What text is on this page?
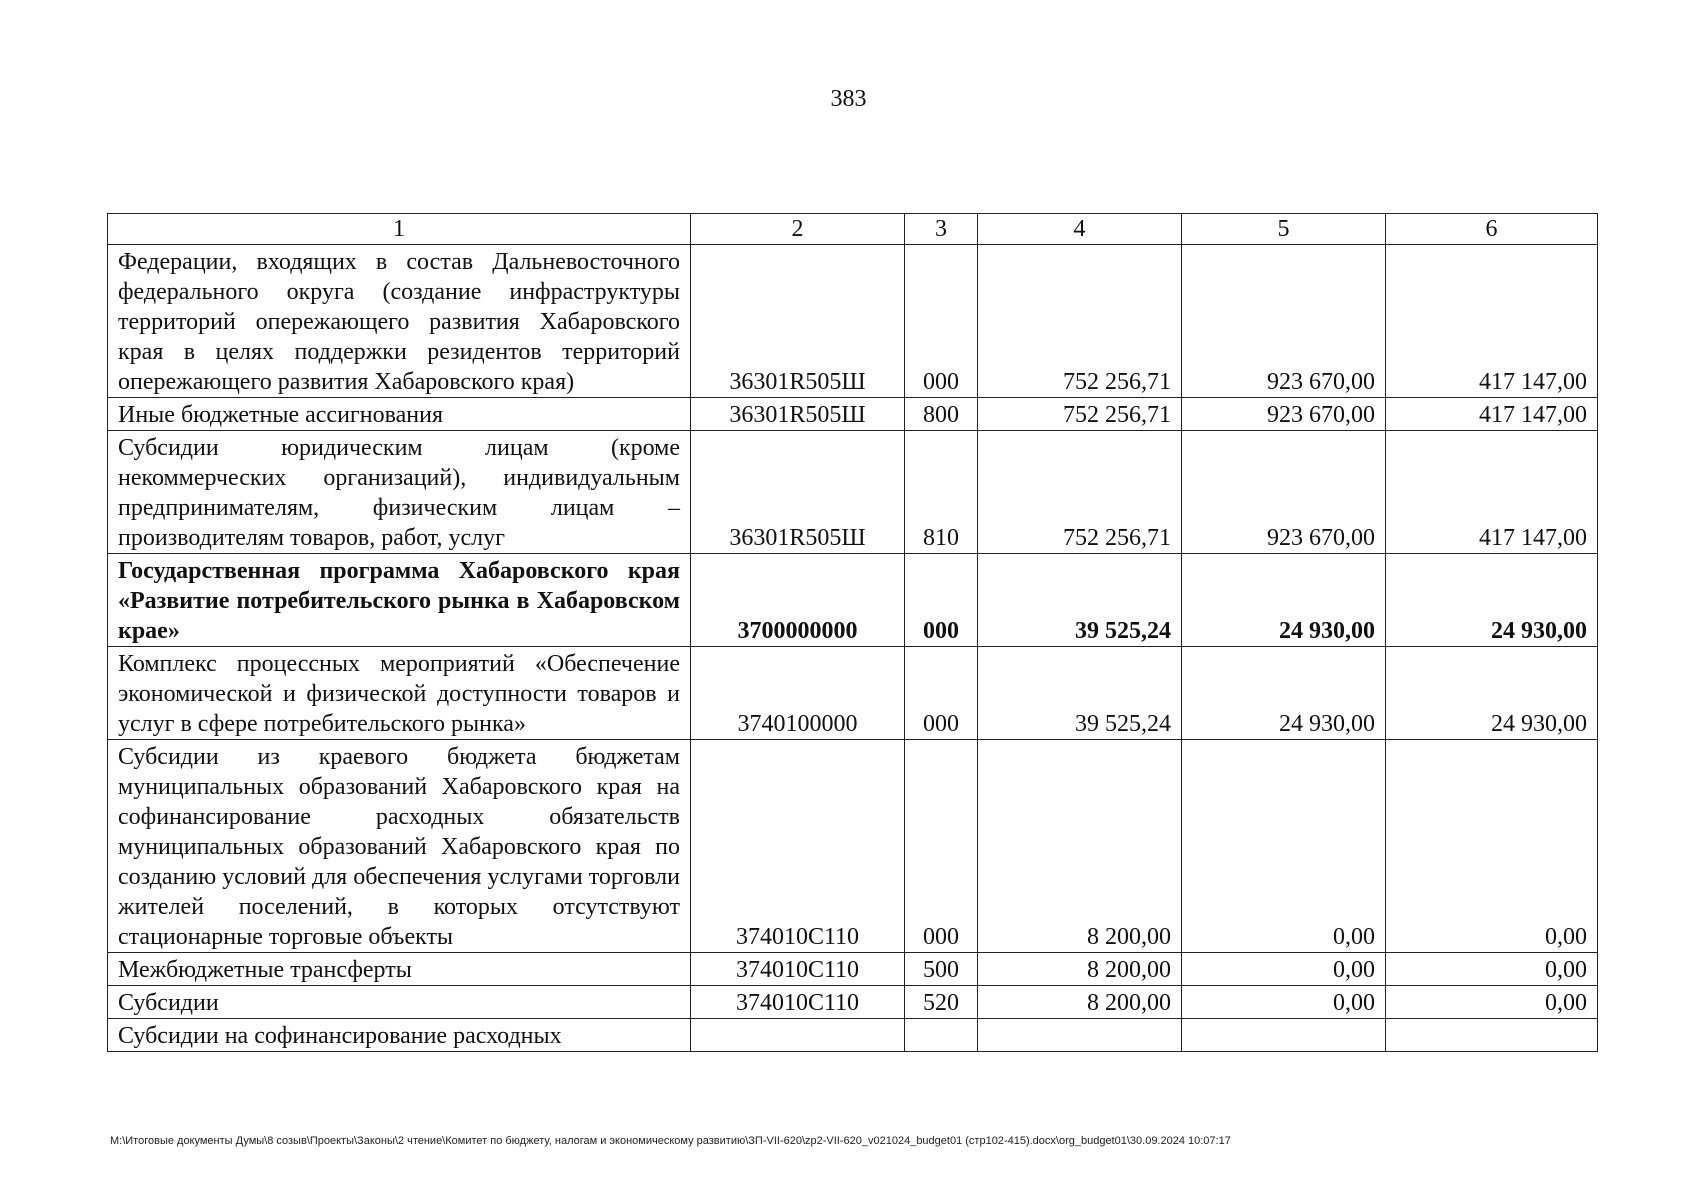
383
1	2	3	4	5	6
Федерации, входящих в состав Дальневосточного федерального округа (создание инфраструктуры территорий опережающего развития Хабаровского края в целях поддержки резидентов территорий опережающего развития Хабаровского края)	36301R505Ш	000	752 256,71	923 670,00	417 147,00
Иные бюджетные ассигнования	36301R505Ш	800	752 256,71	923 670,00	417 147,00
Субсидии юридическим лицам (кроме некоммерческих организаций), индивидуальным предпринимателям, физическим лицам – производителям товаров, работ, услуг	36301R505Ш	810	752 256,71	923 670,00	417 147,00
Государственная программа Хабаровского края «Развитие потребительского рынка в Хабаровском крае»	3700000000	000	39 525,24	24 930,00	24 930,00
Комплекс процессных мероприятий «Обеспечение экономической и физической доступности товаров и услуг в сфере потребительского рынка»	3740100000	000	39 525,24	24 930,00	24 930,00
Субсидии из краевого бюджета бюджетам муниципальных образований Хабаровского края на софинансирование расходных обязательств муниципальных образований Хабаровского края по созданию условий для обеспечения услугами торговли жителей поселений, в которых отсутствуют стационарные торговые объекты	374010С110	000	8 200,00	0,00	0,00
Межбюджетные трансферты	374010С110	500	8 200,00	0,00	0,00
Субсидии	374010С110	520	8 200,00	0,00	0,00
Субсидии на софинансирование расходных					
M:\Итоговые документы Думы\8 созыв\Проекты\Законы\2 чтение\Комитет по бюджету, налогам и экономическому развитию\ЗП-VII-620\zp2-VII-620_v021024_budget01 (стр102-415).docx\org_budget01\30.09.2024 10:07:17
